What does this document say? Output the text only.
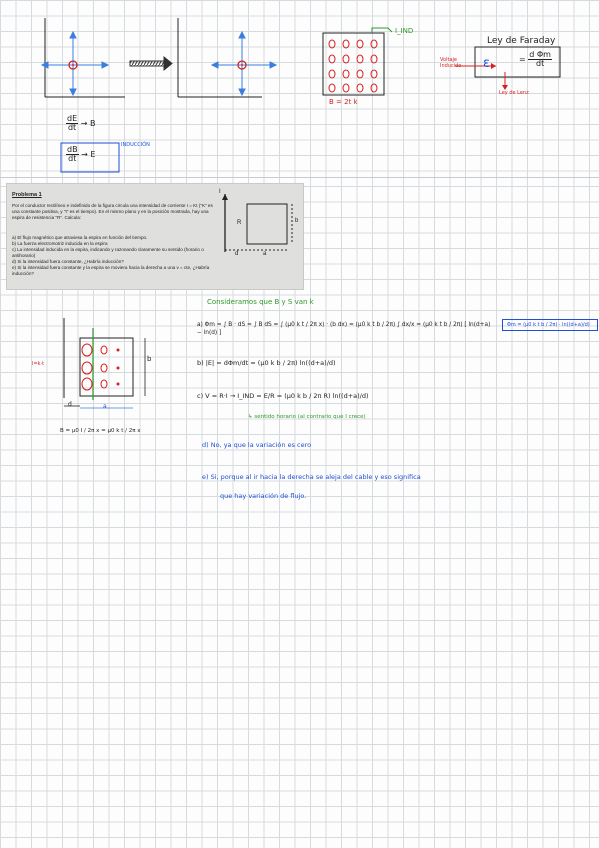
I_IND
B = 2t k
Ley de Faraday
ε	= $\frac{\text{d Φm}}{dt}$
Voltaje
Inducido
Ley de Lenz
$\frac{dE}{dt} \to B$
$\frac{dB}{dt} \to E$
INDUCCIÓN
Problema 1
Por el conductor rectilíneo e indefinido de la figura circula una intensidad de corriente I = Kt ("K" es una constante positiva, y "t" es el tiempo). En el mismo plano y en la posición mostrada, hay una espira de resistencia "R". Calcula:
a) El flujo magnético que atraviesa la espira en función del tiempo.
b) La fuerza electromotriz inducida en la espira
c) La intensidad inducida en la espira, indicando y razonando claramente su sentido (horario o antihorario)
d) Si la intensidad fuera constante, ¿Habría inducción?
e) Si la intensidad fuera constante y la espira se moviera hacia la derecha a una v = cte, ¿Habría inducción?
I
R	b
d	a
Consideramos que B y S van k
I=k·t
b
d	a
B = μ0 I / 2π x = μ0 k t / 2π x
a) Φm = ∫ B · dS = ∫ B dS = ∫ (μ0 k t / 2π x) · (b dx) = (μ0 k t b / 2π) ∫ dx/x = (μ0 k t b / 2π) [ ln(d+a) − ln(d) ]
Φm = (μ0 k t b / 2π) · ln((d+a)/d)
b) |E| = dΦm/dt = (μ0 k b / 2π) ln((d+a)/d)
c) V = R·I → I_IND = E/R = (μ0 k b / 2π R) ln((d+a)/d)
↳ sentido horario (al contrario que I crece)
d) No, ya que la variación es cero
e) Si, porque al ir hacia la derecha se aleja del cable y eso significa
que hay variación de flujo.
